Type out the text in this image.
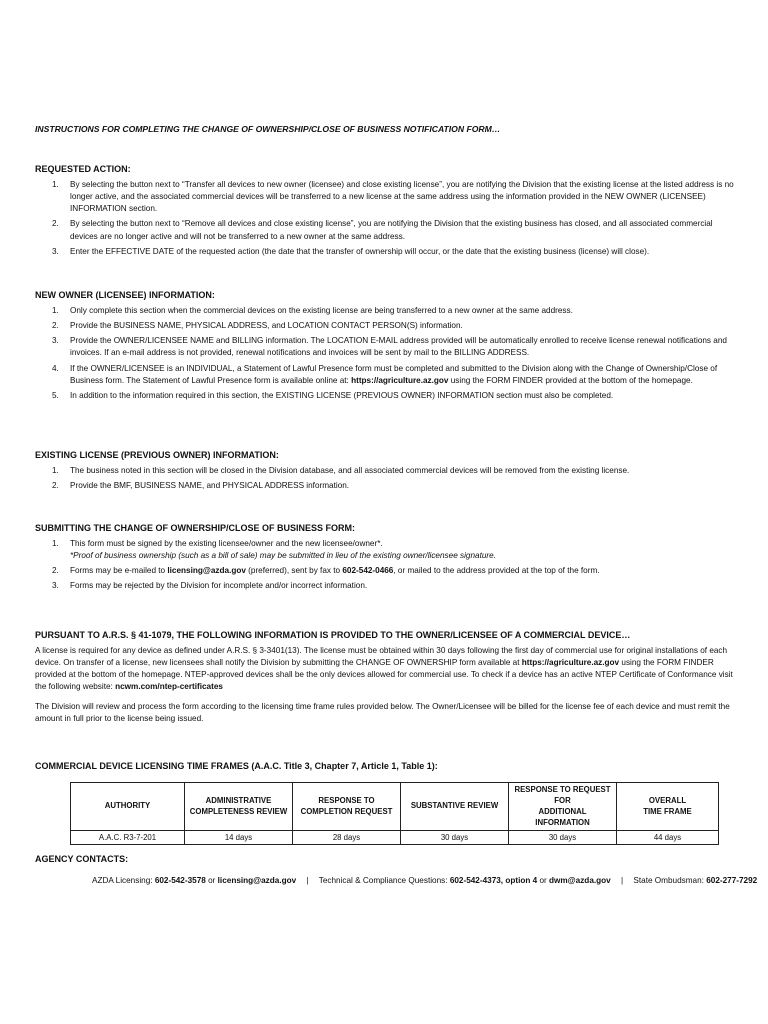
INSTRUCTIONS FOR COMPLETING THE CHANGE OF OWNERSHIP/CLOSE OF BUSINESS NOTIFICATION FORM…
REQUESTED ACTION:
1. By selecting the button next to “Transfer all devices to new owner (licensee) and close existing license”, you are notifying the Division that the existing license at the listed address is no longer active, and the associated commercial devices will be transferred to a new license at the same address using the information provided in the NEW OWNER (LICENSEE) INFORMATION section.
2. By selecting the button next to “Remove all devices and close existing license”, you are notifying the Division that the existing business has closed, and all associated commercial devices are no longer active and will not be transferred to a new owner at the same address.
3. Enter the EFFECTIVE DATE of the requested action (the date that the transfer of ownership will occur, or the date that the existing business (license) will close).
NEW OWNER (LICENSEE) INFORMATION:
1. Only complete this section when the commercial devices on the existing license are being transferred to a new owner at the same address.
2. Provide the BUSINESS NAME, PHYSICAL ADDRESS, and LOCATION CONTACT PERSON(S) information.
3. Provide the OWNER/LICENSEE NAME and BILLING information. The LOCATION E-MAIL address provided will be automatically enrolled to receive license renewal notifications and invoices. If an e-mail address is not provided, renewal notifications and invoices will be sent by mail to the BILLING ADDRESS.
4. If the OWNER/LICENSEE is an INDIVIDUAL, a Statement of Lawful Presence form must be completed and submitted to the Division along with the Change of Ownership/Close of Business form. The Statement of Lawful Presence form is available online at: https://agriculture.az.gov using the FORM FINDER provided at the bottom of the homepage.
5. In addition to the information required in this section, the EXISTING LICENSE (PREVIOUS OWNER) INFORMATION section must also be completed.
EXISTING LICENSE (PREVIOUS OWNER) INFORMATION:
1. The business noted in this section will be closed in the Division database, and all associated commercial devices will be removed from the existing license.
2. Provide the BMF, BUSINESS NAME, and PHYSICAL ADDRESS information.
SUBMITTING THE CHANGE OF OWNERSHIP/CLOSE OF BUSINESS FORM:
1. This form must be signed by the existing licensee/owner and the new licensee/owner*.
*Proof of business ownership (such as a bill of sale) may be submitted in lieu of the existing owner/licensee signature.
2. Forms may be e-mailed to licensing@azda.gov (preferred), sent by fax to 602-542-0466, or mailed to the address provided at the top of the form.
3. Forms may be rejected by the Division for incomplete and/or incorrect information.
PURSUANT TO A.R.S. § 41-1079, THE FOLLOWING INFORMATION IS PROVIDED TO THE OWNER/LICENSEE OF A COMMERCIAL DEVICE…

A license is required for any device as defined under A.R.S. § 3-3401(13). The license must be obtained within 30 days following the first day of commercial use for original installations of each device. On transfer of a license, new licensees shall notify the Division by submitting the CHANGE OF OWNERSHIP form available at https://agriculture.az.gov using the FORM FINDER provided at the bottom of the homepage. NTEP-approved devices shall be the only devices allowed for commercial use. To check if a device has an active NTEP Certificate of Conformance visit the following website: ncwm.com/ntep-certificates

The Division will review and process the form according to the licensing time frame rules provided below. The Owner/Licensee will be billed for the license fee of each device and must remit the amount in full prior to the license being issued.

COMMERCIAL DEVICE LICENSING TIME FRAMES (A.A.C. Title 3, Chapter 7, Article 1, Table 1):
AUTHORITY	ADMINISTRATIVE
COMPLETENESS REVIEW	RESPONSE TO
COMPLETION REQUEST	SUBSTANTIVE REVIEW	RESPONSE TO REQUEST FOR
ADDITIONAL INFORMATION	OVERALL
TIME FRAME
A.A.C. R3-7-201	14 days	28 days	30 days	30 days	44 days
AGENCY CONTACTS:
AZDA Licensing: 602-542-3578 or licensing@azda.gov | Technical & Compliance Questions: 602-542-4373, option 4 or dwm@azda.gov | State Ombudsman: 602-277-7292
